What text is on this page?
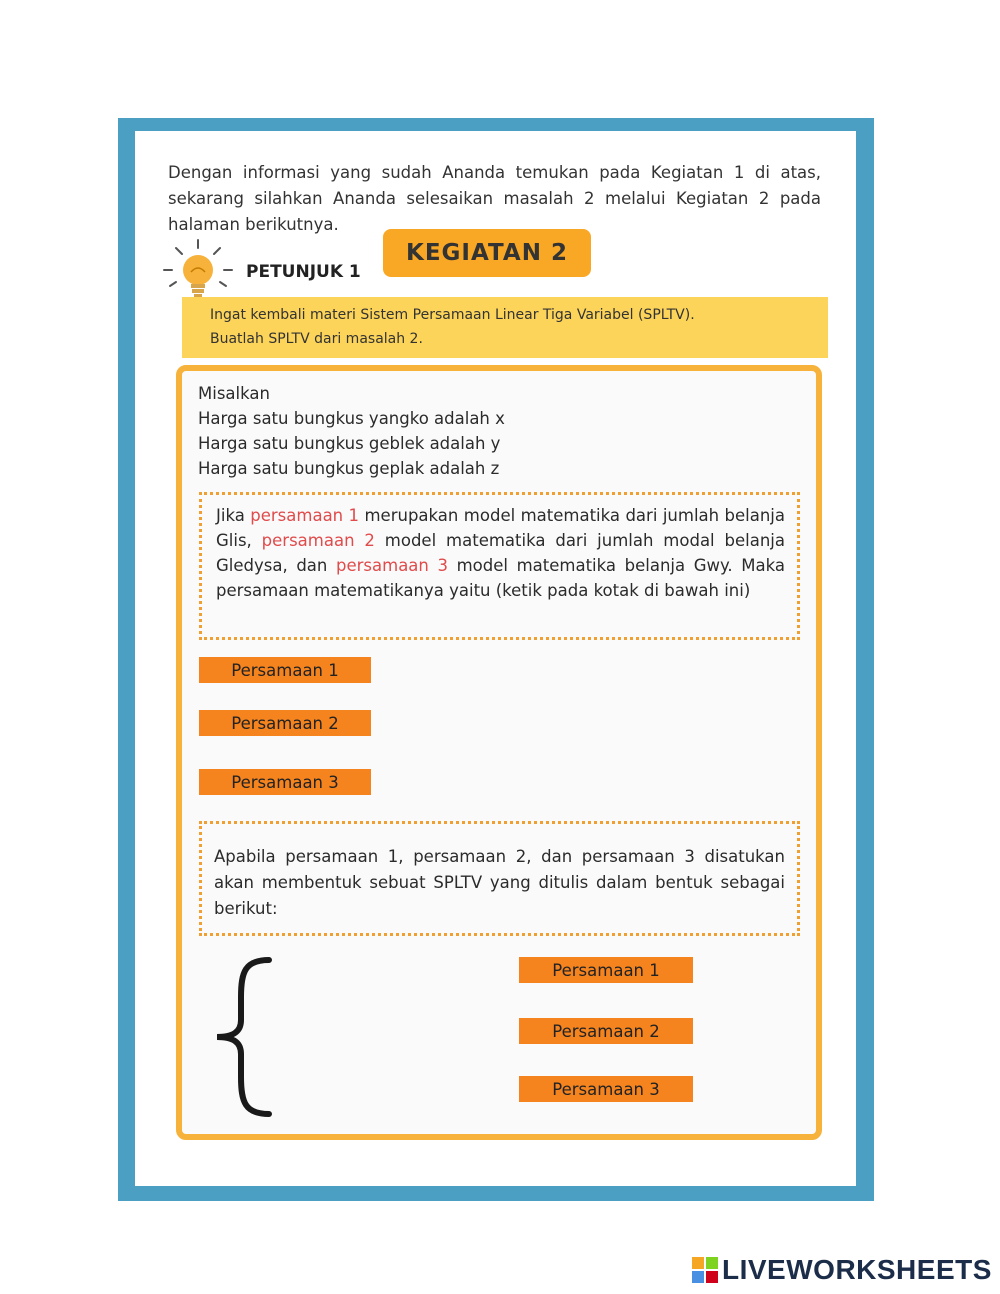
Dengan informasi yang sudah Ananda temukan pada Kegiatan 1 di atas, sekarang silahkan Ananda selesaikan masalah 2 melalui Kegiatan 2 pada halaman berikutnya.

PETUNJUK 1
KEGIATAN 2

Ingat kembali materi Sistem Persamaan Linear Tiga Variabel (SPLTV).

Buatlah SPLTV dari masalah 2.

Misalkan
Harga satu bungkus yangko adalah x
Harga satu bungkus geblek adalah y
Harga satu bungkus geplak adalah z
Jika persamaan 1 merupakan model matematika dari jumlah belanja Glis, persamaan 2 model matematika dari jumlah modal belanja Gledysa, dan persamaan 3 model matematika belanja Gwy. Maka persamaan matematikanya yaitu (ketik pada kotak di bawah ini)
Persamaan 1
Persamaan 2
Persamaan 3
Apabila persamaan 1, persamaan 2, dan persamaan 3 disatukan akan membentuk sebuat SPLTV yang ditulis dalam bentuk sebagai berikut:
Persamaan 1
Persamaan 2
Persamaan 3
LIVEWORKSHEETS
